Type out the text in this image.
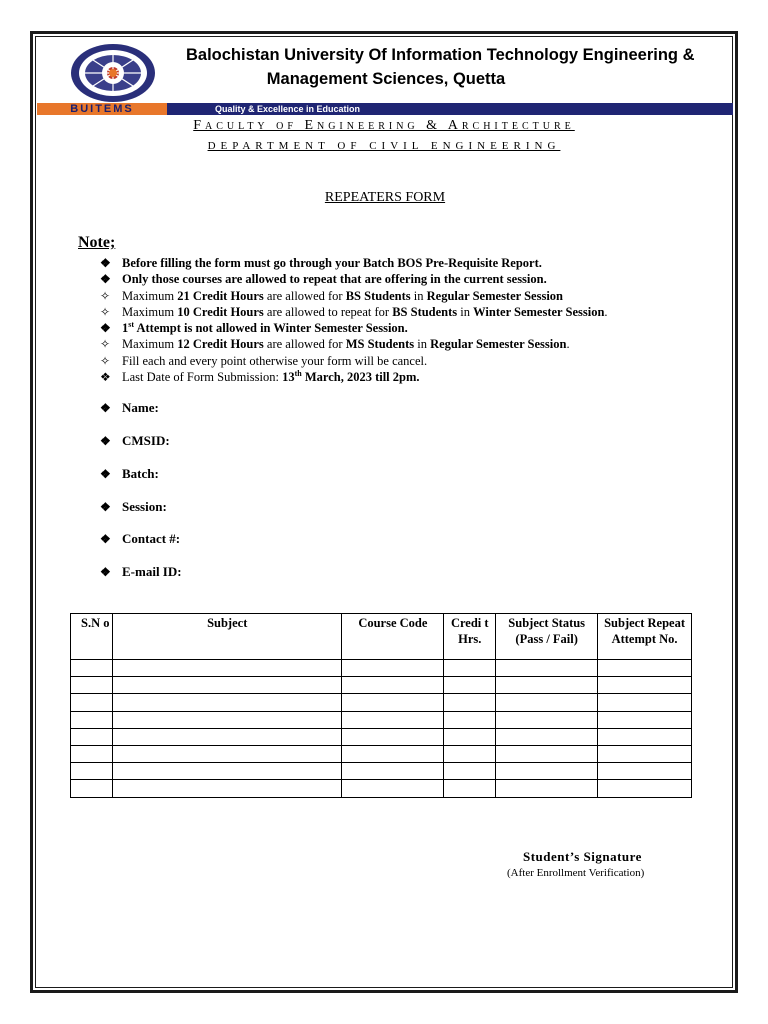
BUITEMS
Balochistan University Of Information Technology Engineering &
Management Sciences, Quetta
Quality & Excellence in Education
Faculty of Engineering & Architecture
DEPARTMENT OF CIVIL ENGINEERING
REPEATERS FORM
Note;
❖ Before filling the form must go through your Batch BOS Pre-Requisite Report.
❖ Only those courses are allowed to repeat that are offering in the current session.
✧ Maximum 21 Credit Hours are allowed for BS Students in Regular Semester Session
✧ Maximum 10 Credit Hours are allowed to repeat for BS Students in Winter Semester Session.
❖ 1st Attempt is not allowed in Winter Semester Session.
✧ Maximum 12 Credit Hours are allowed for MS Students in Regular Semester Session.
✧ Fill each and every point otherwise your form will be cancel.
❖ Last Date of Form Submission: 13th March, 2023 till 2pm.
❖ Name:
❖ CMSID:
❖ Batch:
❖ Session:
❖ Contact #:
❖ E-mail ID:
S.N o	Subject	Course Code	Credi t Hrs.	Subject Status (Pass / Fail)	Subject Repeat Attempt No.

Student’s Signature
(After Enrollment Verification)
